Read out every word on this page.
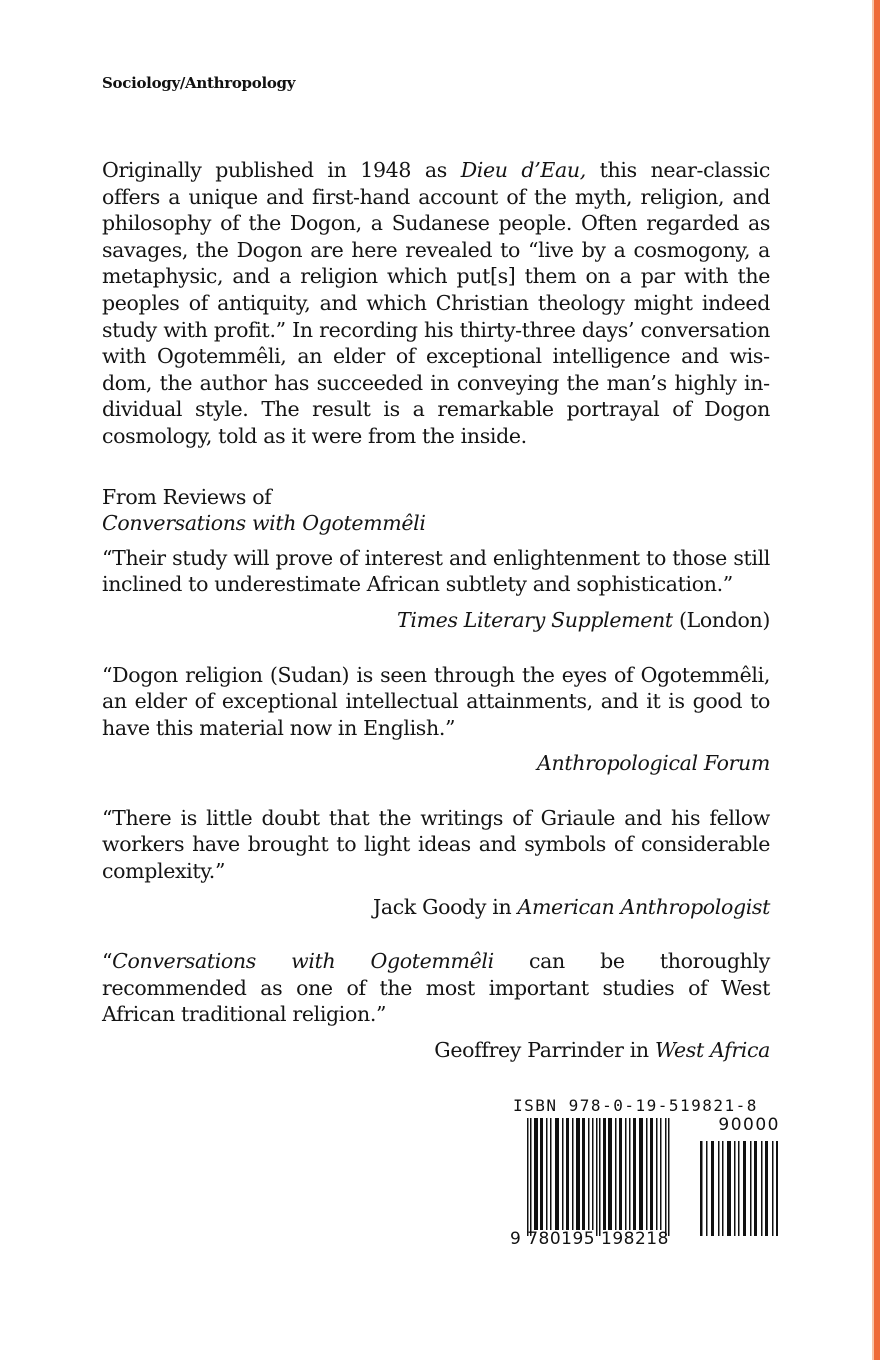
Sociology/Anthropology

Originally published in 1948 as Dieu d’Eau, this near-classic offers a unique and first-hand account of the myth, religion, and philosophy of the Dogon, a Sudanese people. Often regarded as savages, the Dogon are here revealed to “live by a cosmogony, a metaphysic, and a religion which put[s] them on a par with the peoples of antiquity, and which Christian theology might indeed study with profit.” In recording his thirty-three days’ conversation with Ogotemmêli, an elder of exceptional intelligence and wisdom, the author has succeeded in conveying the man’s highly individual style. The result is a remarkable portrayal of Dogon cosmology, told as it were from the inside.

From Reviews of
Conversations with Ogotemmêli

“Their study will prove of interest and enlightenment to those still inclined to underestimate African subtlety and sophistication.”

Times Literary Supplement (London)

“Dogon religion (Sudan) is seen through the eyes of Ogotemmêli, an elder of exceptional intellectual attainments, and it is good to have this material now in English.”

Anthropological Forum

“There is little doubt that the writings of Griaule and his fellow workers have brought to light ideas and symbols of considerable complexity.”

Jack Goody in American Anthropologist

“Conversations with Ogotemmêli can be thoroughly recommended as one of the most important studies of West African traditional religion.”

Geoffrey Parrinder in West Africa

ISBN 978-0-19-519821-8
90000
9 780195 198218
